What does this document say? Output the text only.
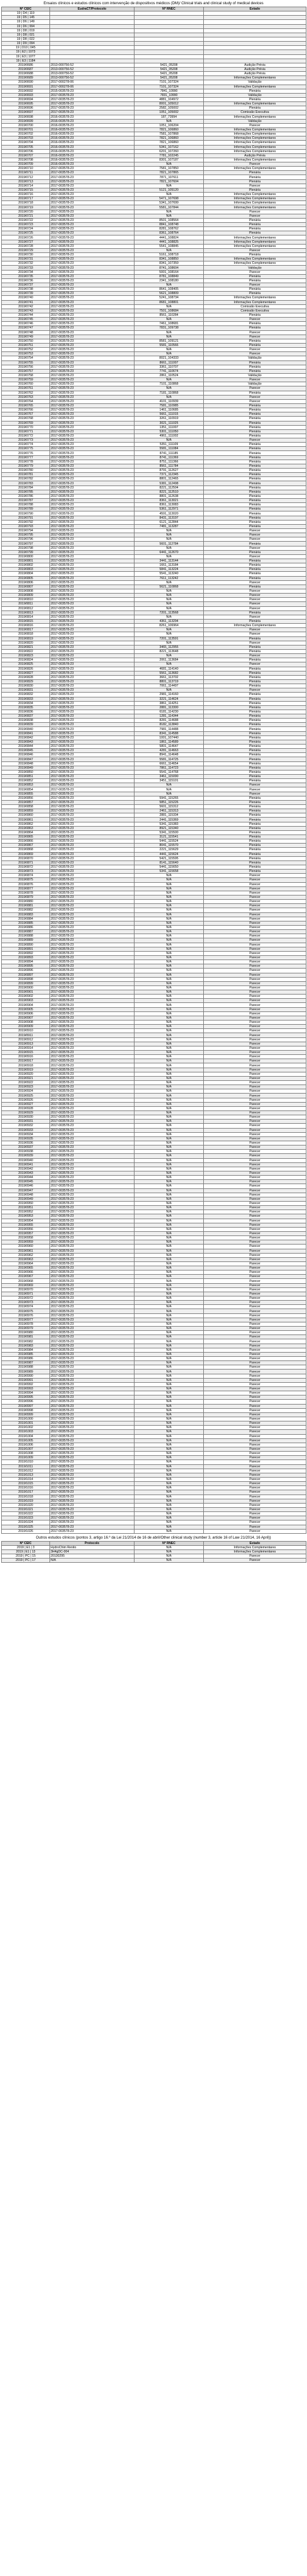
Ensaios clínicos e estudos clínicos com intervenção de dispositivos médicos (DM)/ Clinical trials and clinical study of medical devices
Nº CEIC	EudraCT/Protocolo	Nº RNEC	Estado
19 | D4 | 119			
19 | D5 | 145			
19 | D6 | 149			
19 | D6 | 994			
19 | D8 | 019			
19 | D8 | 021			
19 | D8 | 022			
19 | D9 | 094			
19 | D10 | 045			
19 | E2 | 1073			
19 | E3 | 1077			
19 | E3 | 1184			
2019/0686	2013-000756-52	5421_05208	Audição Prévia
2019/0687	2013-000756-52	5421_05208	Audição Prévia
2019/0688	2013-000756-52	5421_05208	Audição Prévia
2019/0689	2013-000756-52	5421_05208	Informações Complementares
2019/0690	2017-000278-06	7101_107324	Validação
2019/0691	2017-000278-06	7101_107324	Informações Complementares
2019/0692	2015-003578-23	7841_10990	Plenária
2019/0693	2017-003578-23	7831_10990	Validação
2019/0694	2017-003578-23	4881_104972	Plenária
2019/0695	2017-003578-23	8001_105012	Informações Complementares
2019/0696	2017-003578-23	2582_105002	Plenária
2019/0697	2017-003578-23	1051_105002	Comissão Executiva
2019/0698	2016-003578-23	187_73994	Informações Complementares
2019/0699	2016-003578-23	N/A	Validação
2019/0700	2016-003578-23	1051_106204	Parecer
2019/0701	2016-003578-23	7821_106860	Informações Complementares
2019/0702	2016-003578-23	7581_107868	Informações Complementares
2019/0703	2016-003578-23	7821_106860	Informações Complementares
2019/0704	2016-003578-23	7821_106860	Informações Complementares
2019/0705	2016-003578-23	5341_107162	Informações Complementares
2019/0706	2016-003578-23	6201_107260	Informações Complementares
2019/0707	2016-003578-23	7781_102245	Audição Prévia
2019/0708	2016-003578-23	8301_107187	Informações Complementares
2019/0709	2016-003578-23	N/A	Parecer
2019/0710	2017-003578-23	7581_107850	Informações Complementares
2019/0711	2017-003578-23	7821_107865	Plenária
2019/0712	2017-003578-23	7871_107611	Plenária
2019/0713	2017-003578-23	7821_107604	Plenária
2019/0714	2017-003578-23	N/A	Parecer
2019/0715	2017-003578-23	5121_105120	Plenária
2019/0716	2017-003578-23	N/A	Informações Complementares
2019/0717	2017-003578-23	5471_107698	Informações Complementares
2019/0718	2017-003578-23	5341_107699	Informações Complementares
2019/0719	2017-003578-23	5581_107844	Informações Complementares
2019/0720	2017-003578-23	N/A	Parecer
2019/0721	2017-003578-23	N/A	Parecer
2019/0722	2017-003578-23	8501_108564	Plenária
2019/0723	2017-003578-23	8841_108748	Plenária
2019/0724	2017-003578-23	8281_108762	Plenária
2019/0725	2017-003578-23	8361_108764	Plenária
2019/0726	2017-003578-23	4441_108824	Informações Complementares
2019/0727	2017-003578-23	4441_108825	Informações Complementares
2019/0728	2017-003578-23	5541_108845	Informações Complementares
2019/0729	2017-003578-23	N/A	Parecer
2019/0730	2017-003578-23	5161_108718	Plenária
2019/0731	2017-003578-23	8341_108850	Informações Complementares
2019/0732	2017-003578-23	8341_107359	Informações Complementares
2019/0733	2017-003578-23	8741_108604	Validação
2019/0734	2017-003578-23	5001_108164	Parecer
2019/0735	2017-003578-23	8781_108849	Plenária
2019/0736	2017-003578-23	2341_108180	Plenária
2019/0737	2017-003578-23	N/A	Parecer
2019/0738	2017-003578-23	8641_108405	Plenária
2019/0739	2017-003578-23	5621_108809	Plenária
2019/0740	2017-003578-23	5241_108734	Informações Complementares
2019/0741	2017-003578-23	8681_108801	Informações Complementares
2019/0742	2017-003578-23	N/A	Comissão Executiva
2019/0743	2017-003578-23	7501_108684	Comissão Executiva
2019/0744	2017-003578-23	8561_110284	Plenária
2019/0745	2017-003578-23	N/A	Parecer
2019/0746	2017-003578-23	7461_108681	Plenária
2019/0747	2017-003578-23	7831_109738	Plenária
2019/0748	2017-003578-23	N/A	Parecer
2019/0749	2017-003578-23	N/A	Parecer
2019/0750	2017-003578-23	8581_109121	Plenária
2019/0751	2017-003578-23	5581_110566	Plenária
2019/0752	2017-003578-23	N/A	Parecer
2019/0753	2017-003578-23	N/A	Parecer
2019/0754	2017-003578-23	8021_104333	Validação
2019/0755	2017-003578-23	8661_111007	Plenária
2019/0756	2017-003578-23	3361_110707	Plenária
2019/0757	2017-003578-23	7741_110674	Plenária
2019/0758	2017-003578-23	2861_110524	Validação
2019/0759	2017-003578-23	N/A	Parecer
2019/0760	2017-003578-23	7101_110868	Validação
2019/0761	2017-003578-23	N/A	Parecer
2019/0762	2017-003578-23	7181_110868	Plenária
2019/0763	2017-003578-23	N/A	Parecer
2019/0764	2017-003578-23	4101_110939	Parecer
2019/0765	2017-003578-23	7581_110985	Plenária
2019/0766	2017-003578-23	1461_110685	Plenária
2019/0767	2017-003578-23	5661_111015	Plenária
2019/0768	2017-003578-23	3261_110919	Plenária
2019/0769	2017-003578-23	3021_111025	Plenária
2019/0770	2017-003578-23	1351_111007	Plenária
2019/0771	2017-003578-23	5301_111050	Plenária
2019/0772	2017-003578-23	4961_111002	Plenária
2019/0773	2017-003578-23	N/A	Parecer
2019/0774	2017-003578-23	5351_111109	Plenária
2019/0775	2017-003578-23	5581_111084	Plenária
2019/0776	2017-003578-23	8741_111185	Plenária
2019/0777	2017-003578-23	8741_111369	Plenária
2019/0778	2017-003578-23	8751_111366	Plenária
2019/0779	2017-003578-23	8561_111784	Plenária
2019/0780	2017-003578-23	8791_112627	Plenária
2019/0781	2017-003578-23	7371_112345	Plenária
2019/0782	2017-003578-23	8801_112465	Plenária
2019/0783	2017-003578-23	5381_112498	Plenária
2019/0784	2017-003578-23	8221_112504	Plenária
2019/0785	2017-003578-23	8221_112510	Plenária
2019/0786	2017-003578-23	8801_112638	Plenária
2019/0787	2017-003578-23	8361_113021	Plenária
2019/0788	2017-003578-23	8361_113083	Plenária
2019/0789	2017-003578-23	5361_112971	Plenária
2019/0790	2017-003578-23	4591_113020	Plenária
2019/0791	2017-003578-23	8431_113197	Plenária
2019/0792	2017-003578-23	6121_112844	Plenária
2019/0793	2017-003578-23	7481_113287	Plenária
2019/0794	2017-003578-23	N/A	Parecer
2019/0795	2017-003578-23	N/A	Parecer
2019/0796	2017-003578-23	N/A	Parecer
2019/0797	2017-003578-23	5601_112784	Plenária
2019/0798	2017-003578-23	N/A	Parecer
2019/0799	2017-003578-23	6441_112670	Plenária
2019/0800	2017-003578-23	N/A	Parecer
2019/0801	2017-003578-23	3441_113144	Plenária
2019/0802	2017-003578-23	1661_113184	Plenária
2019/0803	2017-003578-23	5841_113224	Plenária
2019/0804	2017-003578-23	5541_113240	Plenária
2019/0805	2017-003578-23	7611_113242	Plenária
2019/0806	2017-003578-23	N/A	Parecer
2019/0807	2017-003578-23	5621_110868	Plenária
2019/0808	2017-003578-23	N/A	Parecer
2019/0809	2017-003578-23	N/A	Parecer
2019/0810	2017-003578-23	N/A	Parecer
2019/0811	2017-003578-23	N/A	Parecer
2019/0812	2017-003578-23	N/A	Parecer
2019/0813	2017-003578-23	7201_113568	Plenária
2019/0814	2017-003578-23	N/A	Parecer
2019/0815	2017-003578-23	4361_113294	Plenária
2019/0816	2017-003578-23	8261_106964	Informações Complementares
2019/0817	2017-003578-23	N/A	Parecer
2019/0818	2017-003578-23	N/A	Parecer
2019/0819	2017-003578-23	7201_113591	Plenária
2019/0820	2017-003578-23	N/A	Parecer
2019/0821	2017-003578-23	3465_112955	Plenária
2019/0822	2017-003578-23	8221_113648	Plenária
2019/0823	2017-003578-23	N/A	Parecer
2019/0824	2017-003578-23	2061_113684	Plenária
2019/0825	2017-003578-23	N/A	Parecer
2019/0826	2017-003578-23	4681_114140	Plenária
2019/0827	2017-003578-23	5561_113682	Plenária
2019/0828	2017-003578-23	3661_113702	Plenária
2019/0829	2017-003578-23	8801_113719	Plenária
2019/0830	2017-003578-23	7061_114497	Plenária
2019/0831	2017-003578-23	N/A	Parecer
2019/0832	2017-003578-23	2981_114160	Plenária
2019/0833	2017-003578-23	3221_114624	Plenária
2019/0834	2017-003578-23	3861_114251	Plenária
2019/0835	2017-003578-23	2881_113300	Plenária
2019/0836	2017-003578-23	6181_114230	Plenária
2019/0837	2017-003578-23	1281_114344	Plenária
2019/0838	2017-003578-23	8281_114688	Plenária
2019/0839	2017-003578-23	8182_113840	Plenária
2019/0840	2017-003578-23	7981_114488	Plenária
2019/0841	2017-003578-23	8341_114588	Plenária
2019/0842	2017-003578-23	1001_107440	Plenária
2019/0843	2017-003578-23	1861_114589	Plenária
2019/0844	2017-003578-23	5801_114647	Plenária
2019/0845	2017-003578-23	4281_114663	Plenária
2019/0846	2017-003578-23	8941_114648	Plenária
2019/0847	2017-003578-23	5581_114725	Plenária
2019/0848	2017-003578-23	6661_114654	Plenária
2019/0849	2017-003578-23	7861_114723	Plenária
2019/0850	2017-003578-23	5541_114768	Plenária
2019/0851	2017-003578-23	3461_115090	Plenária
2019/0852	2017-003578-23	3451_115101	Plenária
2019/0853	2017-003578-23	N/A	Parecer
2019/0854	2017-003578-23	N/A	Parecer
2019/0855	2017-003578-23	N/A	Parecer
2019/0856	2017-003578-23	5941_115265	Plenária
2019/0857	2017-003578-23	5851_115226	Plenária
2019/0858	2017-003578-23	5601_115312	Plenária
2019/0859	2017-003578-23	2461_115313	Plenária
2019/0860	2017-003578-23	2881_115334	Plenária
2019/0861	2017-003578-23	2441_115369	Plenária
2019/0862	2017-003578-23	5341_115383	Plenária
2019/0863	2017-003578-23	8921_115340	Plenária
2019/0864	2017-003578-23	5341_115500	Plenária
2019/0865	2017-003578-23	3121_115541	Plenária
2019/0866	2017-003578-23	5441_115524	Plenária
2019/0867	2017-003578-23	8041_115570	Plenária
2019/0868	2017-003578-23	2221_115629	Plenária
2019/0869	2017-003578-23	4441_115624	Plenária
2019/0870	2017-003578-23	5421_115595	Plenária
2019/0871	2017-003578-23	8141_115640	Plenária
2019/0872	2017-003578-23	5441_115650	Plenária
2019/0873	2017-003578-23	5341_115658	Plenária
2019/0874	2017-003578-23	N/A	Parecer
2019/0875	2017-003578-23	N/A	Parecer
2019/0876	2017-003578-23	N/A	Parecer
2019/0877	2017-003578-23	N/A	Parecer
2019/0878	2017-003578-23	N/A	Parecer
2019/0879	2017-003578-23	N/A	Parecer
2019/0880	2017-003578-23	N/A	Parecer
2019/0881	2017-003578-23	N/A	Parecer
2019/0882	2017-003578-23	N/A	Parecer
2019/0883	2017-003578-23	N/A	Parecer
2019/0884	2017-003578-23	N/A	Parecer
2019/0885	2017-003578-23	N/A	Parecer
2019/0886	2017-003578-23	N/A	Parecer
2019/0887	2017-003578-23	N/A	Parecer
2019/0888	2017-003578-23	N/A	Parecer
2019/0889	2017-003578-23	N/A	Parecer
2019/0890	2017-003578-23	N/A	Parecer
2019/0891	2017-003578-23	N/A	Parecer
2019/0892	2017-003578-23	N/A	Parecer
2019/0893	2017-003578-23	N/A	Parecer
2019/0894	2017-003578-23	N/A	Parecer
2019/0895	2017-003578-23	N/A	Parecer
2019/0896	2017-003578-23	N/A	Parecer
2019/0897	2017-003578-23	N/A	Parecer
2019/0898	2017-003578-23	N/A	Parecer
2019/0899	2017-003578-23	N/A	Parecer
2019/0900	2017-003578-23	N/A	Parecer
2019/0901	2017-003578-23	N/A	Parecer
2019/0902	2017-003578-23	N/A	Parecer
2019/0903	2017-003578-23	N/A	Parecer
2019/0904	2017-003578-23	N/A	Parecer
2019/0905	2017-003578-23	N/A	Parecer
2019/0906	2017-003578-23	N/A	Parecer
2019/0907	2017-003578-23	N/A	Parecer
2019/0908	2017-003578-23	N/A	Parecer
2019/0909	2017-003578-23	N/A	Parecer
2019/0910	2017-003578-23	N/A	Parecer
2019/0911	2017-003578-23	N/A	Parecer
2019/0912	2017-003578-23	N/A	Parecer
2019/0913	2017-003578-23	N/A	Parecer
2019/0914	2017-003578-23	N/A	Parecer
2019/0915	2017-003578-23	N/A	Parecer
2019/0916	2017-003578-23	N/A	Parecer
2019/0917	2017-003578-23	N/A	Parecer
2019/0918	2017-003578-23	N/A	Parecer
2019/0919	2017-003578-23	N/A	Parecer
2019/0920	2017-003578-23	N/A	Parecer
2019/0921	2017-003578-23	N/A	Parecer
2019/0922	2017-003578-23	N/A	Parecer
2019/0923	2017-003578-23	N/A	Parecer
2019/0924	2017-003578-23	N/A	Parecer
2019/0925	2017-003578-23	N/A	Parecer
2019/0926	2017-003578-23	N/A	Parecer
2019/0927	2017-003578-23	N/A	Parecer
2019/0928	2017-003578-23	N/A	Parecer
2019/0929	2017-003578-23	N/A	Parecer
2019/0930	2017-003578-23	N/A	Parecer
2019/0931	2017-003578-23	N/A	Parecer
2019/0932	2017-003578-23	N/A	Parecer
2019/0933	2017-003578-23	N/A	Parecer
2019/0934	2017-003578-23	N/A	Parecer
2019/0935	2017-003578-23	N/A	Parecer
2019/0936	2017-003578-23	N/A	Parecer
2019/0937	2017-003578-23	N/A	Parecer
2019/0938	2017-003578-23	N/A	Parecer
2019/0939	2017-003578-23	N/A	Parecer
2019/0940	2017-003578-23	N/A	Parecer
2019/0941	2017-003578-23	N/A	Parecer
2019/0942	2017-003578-23	N/A	Parecer
2019/0943	2017-003578-23	N/A	Parecer
2019/0944	2017-003578-23	N/A	Parecer
2019/0945	2017-003578-23	N/A	Parecer
2019/0946	2017-003578-23	N/A	Parecer
2019/0947	2017-003578-23	N/A	Parecer
2019/0948	2017-003578-23	N/A	Parecer
2019/0949	2017-003578-23	N/A	Parecer
2019/0950	2017-003578-23	N/A	Parecer
2019/0951	2017-003578-23	N/A	Parecer
2019/0952	2017-003578-23	N/A	Parecer
2019/0953	2017-003578-23	N/A	Parecer
2019/0954	2017-003578-23	N/A	Parecer
2019/0955	2017-003578-23	N/A	Parecer
2019/0956	2017-003578-23	N/A	Parecer
2019/0957	2017-003578-23	N/A	Parecer
2019/0958	2017-003578-23	N/A	Parecer
2019/0959	2017-003578-23	N/A	Parecer
2019/0960	2017-003578-23	N/A	Parecer
2019/0961	2017-003578-23	N/A	Parecer
2019/0962	2017-003578-23	N/A	Parecer
2019/0963	2017-003578-23	N/A	Parecer
2019/0964	2017-003578-23	N/A	Parecer
2019/0965	2017-003578-23	N/A	Parecer
2019/0966	2017-003578-23	N/A	Parecer
2019/0967	2017-003578-23	N/A	Parecer
2019/0968	2017-003578-23	N/A	Parecer
2019/0969	2017-003578-23	N/A	Parecer
2019/0970	2017-003578-23	N/A	Parecer
2019/0971	2017-003578-23	N/A	Parecer
2019/0972	2017-003578-23	N/A	Parecer
2019/0973	2017-003578-23	N/A	Parecer
2019/0974	2017-003578-23	N/A	Parecer
2019/0975	2017-003578-23	N/A	Parecer
2019/0976	2017-003578-23	N/A	Parecer
2019/0977	2017-003578-23	N/A	Parecer
2019/0978	2017-003578-23	N/A	Parecer
2019/0979	2017-003578-23	N/A	Parecer
2019/0980	2017-003578-23	N/A	Parecer
2019/0981	2017-003578-23	N/A	Parecer
2019/0982	2017-003578-23	N/A	Parecer
2019/0983	2017-003578-23	N/A	Parecer
2019/0984	2017-003578-23	N/A	Parecer
2019/0985	2017-003578-23	N/A	Parecer
2019/0986	2017-003578-23	N/A	Parecer
2019/0987	2017-003578-23	N/A	Parecer
2019/0988	2017-003578-23	N/A	Parecer
2019/0989	2017-003578-23	N/A	Parecer
2019/0990	2017-003578-23	N/A	Parecer
2019/0991	2017-003578-23	N/A	Parecer
2019/0992	2017-003578-23	N/A	Parecer
2019/0993	2017-003578-23	N/A	Parecer
2019/0994	2017-003578-23	N/A	Parecer
2019/0995	2017-003578-23	N/A	Parecer
2019/0996	2017-003578-23	N/A	Parecer
2019/0997	2017-003578-23	N/A	Parecer
2019/0998	2017-003578-23	N/A	Parecer
2019/0999	2017-003578-23	N/A	Parecer
2019/1000	2017-003578-23	N/A	Parecer
2019/1001	2017-003578-23	N/A	Parecer
2019/1002	2017-003578-23	N/A	Parecer
2019/1003	2017-003578-23	N/A	Parecer
2019/1004	2017-003578-23	N/A	Parecer
2019/1005	2017-003578-23	N/A	Parecer
2019/1006	2017-003578-23	N/A	Parecer
2019/1007	2017-003578-23	N/A	Parecer
2019/1008	2017-003578-23	N/A	Parecer
2019/1009	2017-003578-23	N/A	Parecer
2019/1010	2017-003578-23	N/A	Parecer
2019/1011	2017-003578-23	N/A	Parecer
2019/1012	2017-003578-23	N/A	Parecer
2019/1013	2017-003578-23	N/A	Parecer
2019/1014	2017-003578-23	N/A	Parecer
2019/1015	2017-003578-23	N/A	Parecer
2019/1016	2017-003578-23	N/A	Parecer
2019/1017	2017-003578-23	N/A	Parecer
2019/1018	2017-003578-23	N/A	Parecer
2019/1019	2017-003578-23	N/A	Parecer
2019/1020	2017-003578-23	N/A	Parecer
2019/1021	2017-003578-23	N/A	Parecer
2019/1022	2017-003578-23	N/A	Parecer
2019/1023	2017-003578-23	N/A	Parecer
2019/1024	2017-003578-23	N/A	Parecer
2019/1025	2017-003578-23	N/A	Parecer
2019/1026	2017-003578-23	N/A	Parecer
Outros estudos clínicos (pontos 3, artigo 16.º da Lei 21/2014 de 16 de abril/Other clinical study (number 3, article 16 of Law 21/2014, 16 April))
Nº CEIC	Protocolo	Nº RNEC	Estado
2019 | E1 | 3	HydroChim Renito	N/A	Informações Complementares
2019 | E1 | 13	3H4gDC-004	N/A	Informações Complementares
2019 | PC | 15	20130295	N/A	Parecer
2019 | PC | 17	N/A	N/A	Parecer
